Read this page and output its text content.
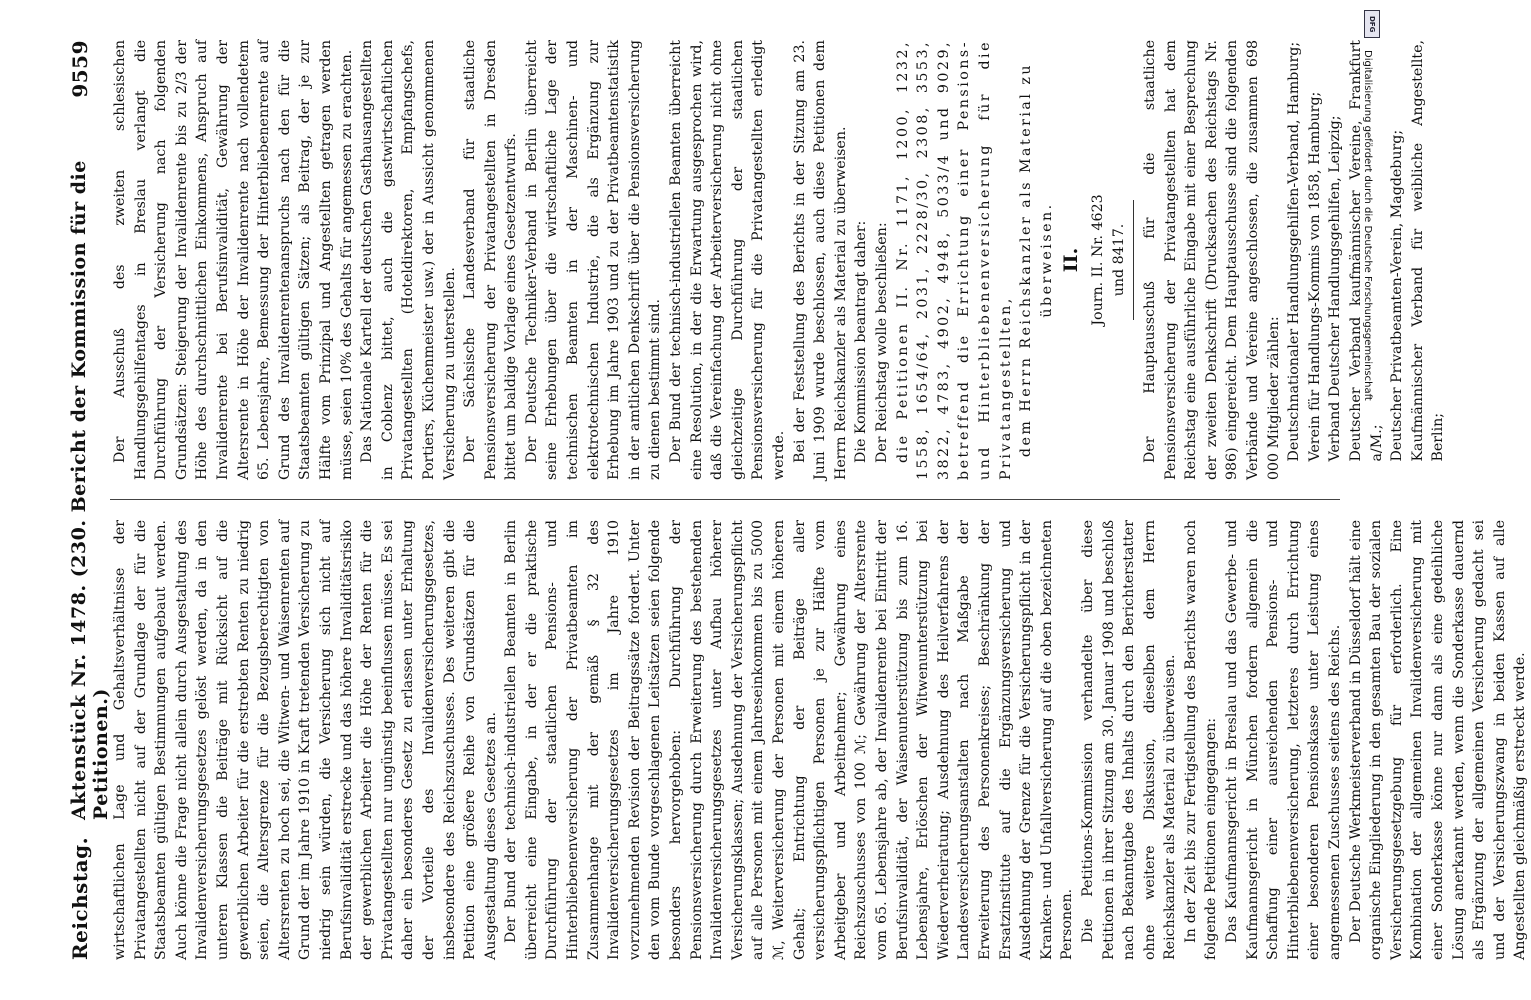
Reichstag.
Aktenstück Nr. 1478. (230. Bericht der Kommission für die Petitionen.)
9559

wirtschaftlichen Lage und Gehaltsverhältnisse der Privatangestellten nicht auf der Grundlage der für die Staatsbeamten gültigen Bestimmungen aufgebaut werden. Auch könne die Frage nicht allein durch Ausgestaltung des Invalidenversicherungsgesetzes gelöst werden, da in den unteren Klassen die Beiträge mit Rücksicht auf die gewerblichen Arbeiter für die erstrebten Renten zu niedrig seien, die Altersgrenze für die Bezugsberechtigten von Altersrenten zu hoch sei, die Witwen- und Waisenrenten auf Grund der im Jahre 1910 in Kraft tretenden Versicherung zu niedrig sein würden, die Versicherung sich nicht auf Berufsinvalidität erstrecke und das höhere Invaliditätsrisiko der gewerblichen Arbeiter die Höhe der Renten für die Privatangestellten nur ungünstig beeinflussen müsse. Es sei daher ein besonderes Gesetz zu erlassen unter Erhaltung der Vorteile des Invalidenversicherungsgesetzes, insbesondere des Reichszuschusses. Des weiteren gibt die Petition eine größere Reihe von Grundsätzen für die Ausgestaltung dieses Gesetzes an. Der Bund der technisch-industriellen Beamten in Berlin überreicht eine Eingabe, in der er die praktische Durchführung der staatlichen Pensions- und Hinterbliebenenversicherung der Privatbeamten im Zusammenhange mit der gemäß § 32 des Invalidenversicherungsgesetzes im Jahre 1910 vorzunehmenden Revision der Beitragssätze fordert. Unter den vom Bunde vorgeschlagenen Leitsätzen seien folgende besonders hervorgehoben: Durchführung der Pensionsversicherung durch Erweiterung des bestehenden Invalidenversicherungsgesetzes unter Aufbau höherer Versicherungsklassen; Ausdehnung der Versicherungspflicht auf alle Personen mit einem Jahreseinkommen bis zu 5000 ℳ, Weiterversicherung der Personen mit einem höheren Gehalt; Entrichtung der Beiträge aller versicherungspflichtigen Personen je zur Hälfte vom Arbeitgeber und Arbeitnehmer; Gewährung eines Reichszuschusses von 100 ℳ; Gewährung der Altersrente vom 65. Lebensjahre ab, der Invalidenrente bei Eintritt der Berufsinvalidität, der Waisenunterstützung bis zum 16. Lebensjahre, Erlöschen der Witwenunterstützung bei Wiederverheiratung; Ausdehnung des Heilverfahrens der Landesversicherungsanstalten nach Maßgabe der Erweiterung des Personenkreises; Beschränkung der Ersatzinstitute auf die Ergänzungsversicherung und Ausdehnung der Grenze für die Versicherungspflicht in der Kranken- und Unfallversicherung auf die oben bezeichneten Personen. Die Petitions-Kommission verhandelte über diese Petitionen in ihrer Sitzung am 30. Januar 1908 und beschloß nach Bekanntgabe des Inhalts durch den Berichterstatter ohne weitere Diskussion, dieselben dem Herrn Reichskanzler als Material zu überweisen. In der Zeit bis zur Fertigstellung des Berichts waren noch folgende Petitionen eingegangen: Das Kaufmannsgericht in Breslau und das Gewerbe- und Kaufmannsgericht in München fordern allgemein die Schaffung einer ausreichenden Pensions- und Hinterbliebenenversicherung, letzteres durch Errichtung einer besonderen Pensionskasse unter Leistung eines angemessenen Zuschusses seitens des Reichs. Der Deutsche Werkmeisterverband in Düsseldorf hält eine organische Eingliederung in den gesamten Bau der sozialen Versicherungsgesetzgebung für erforderlich. Eine Kombination der allgemeinen Invalidenversicherung mit einer Sonderkasse könne nur dann als eine gedeihliche Lösung anerkannt werden, wenn die Sonderkasse dauernd als Ergänzung der allgemeinen Versicherung gedacht sei und der Versicherungszwang in beiden Kassen auf alle Angestellten gleichmäßig erstreckt werde.

Der Ausschuß des zweiten schlesischen Handlungsgehilfentages in Breslau verlangt die Durchführung der Versicherung nach folgenden Grundsätzen: Steigerung der Invalidenrente bis zu 2/3 der Höhe des durchschnittlichen Einkommens, Anspruch auf Invalidenrente bei Berufsinvalidität, Gewährung der Altersrente in Höhe der Invalidenrente nach vollendetem 65. Lebensjahre, Bemessung der Hinterbliebenenrente auf Grund des Invalidenrentenanspruchs nach den für die Staatsbeamten gültigen Sätzen; als Beitrag, der je zur Hälfte vom Prinzipal und Angestellten getragen werden müsse, seien 10% des Gehalts für angemessen zu erachten. Das Nationale Kartell der deutschen Gasthausangestellten in Coblenz bittet, auch die gastwirtschaftlichen Privatangestellten (Hoteldirektoren, Empfangschefs, Portiers, Küchenmeister usw.) der in Aussicht genommenen Versicherung zu unterstellen. Der Sächsische Landesverband für staatliche Pensionsversicherung der Privatangestellten in Dresden bittet um baldige Vorlage eines Gesetzentwurfs. Der Deutsche Techniker-Verband in Berlin überreicht seine Erhebungen über die wirtschaftliche Lage der technischen Beamten in der Maschinen- und elektrotechnischen Industrie, die als Ergänzung zur Erhebung im Jahre 1903 und zu der Privatbeamtenstatistik in der amtlichen Denkschrift über die Pensionsversicherung zu dienen bestimmt sind. Der Bund der technisch-industriellen Beamten überreicht eine Resolution, in der die Erwartung ausgesprochen wird, daß die Vereinfachung der Arbeiterversicherung nicht ohne gleichzeitige Durchführung der staatlichen Pensionsversicherung für die Privatangestellten erledigt werde. Bei der Feststellung des Berichts in der Sitzung am 23. Juni 1909 wurde beschlossen, auch diese Petitionen dem Herrn Reichskanzler als Material zu überweisen. Die Kommission beantragt daher: Der Reichstag wolle beschließen: die Petitionen II. Nr. 1171, 1200, 1232, 1558, 1654/64, 2031, 2228/30, 2308, 3553, 3822, 4783, 4902, 4948, 5033/4 und 9029, betreffend die Errichtung einer Pensions- und Hinterbliebenenversicherung für die Privatangestellten, dem Herrn Reichskanzler als Material zu überweisen. II. Journ. II. Nr. 4623 und 8417. Der Hauptausschuß für die staatliche Pensionsversicherung der Privatangestellten hat dem Reichstag eine ausführliche Eingabe mit einer Besprechung der zweiten Denkschrift (Drucksachen des Reichstags Nr. 986) eingereicht. Dem Hauptausschusse sind die folgenden Verbände und Vereine angeschlossen, die zusammen 698 000 Mitglieder zählen: Deutschnationaler Handlungsgehilfen-Verband, Hamburg; Verein für Handlungs-Kommis von 1858, Hamburg; Verband Deutscher Handlungsgehilfen, Leipzig; Deutscher Verband kaufmännischer Vereine, Frankfurt a/M.; Deutscher Privatbeamten-Verein, Magdeburg; Kaufmännischer Verband für weibliche Angestellte, Berlin;
DFG
Digitalisierung gefördert durch die Deutsche Forschungsgemeinschaft
